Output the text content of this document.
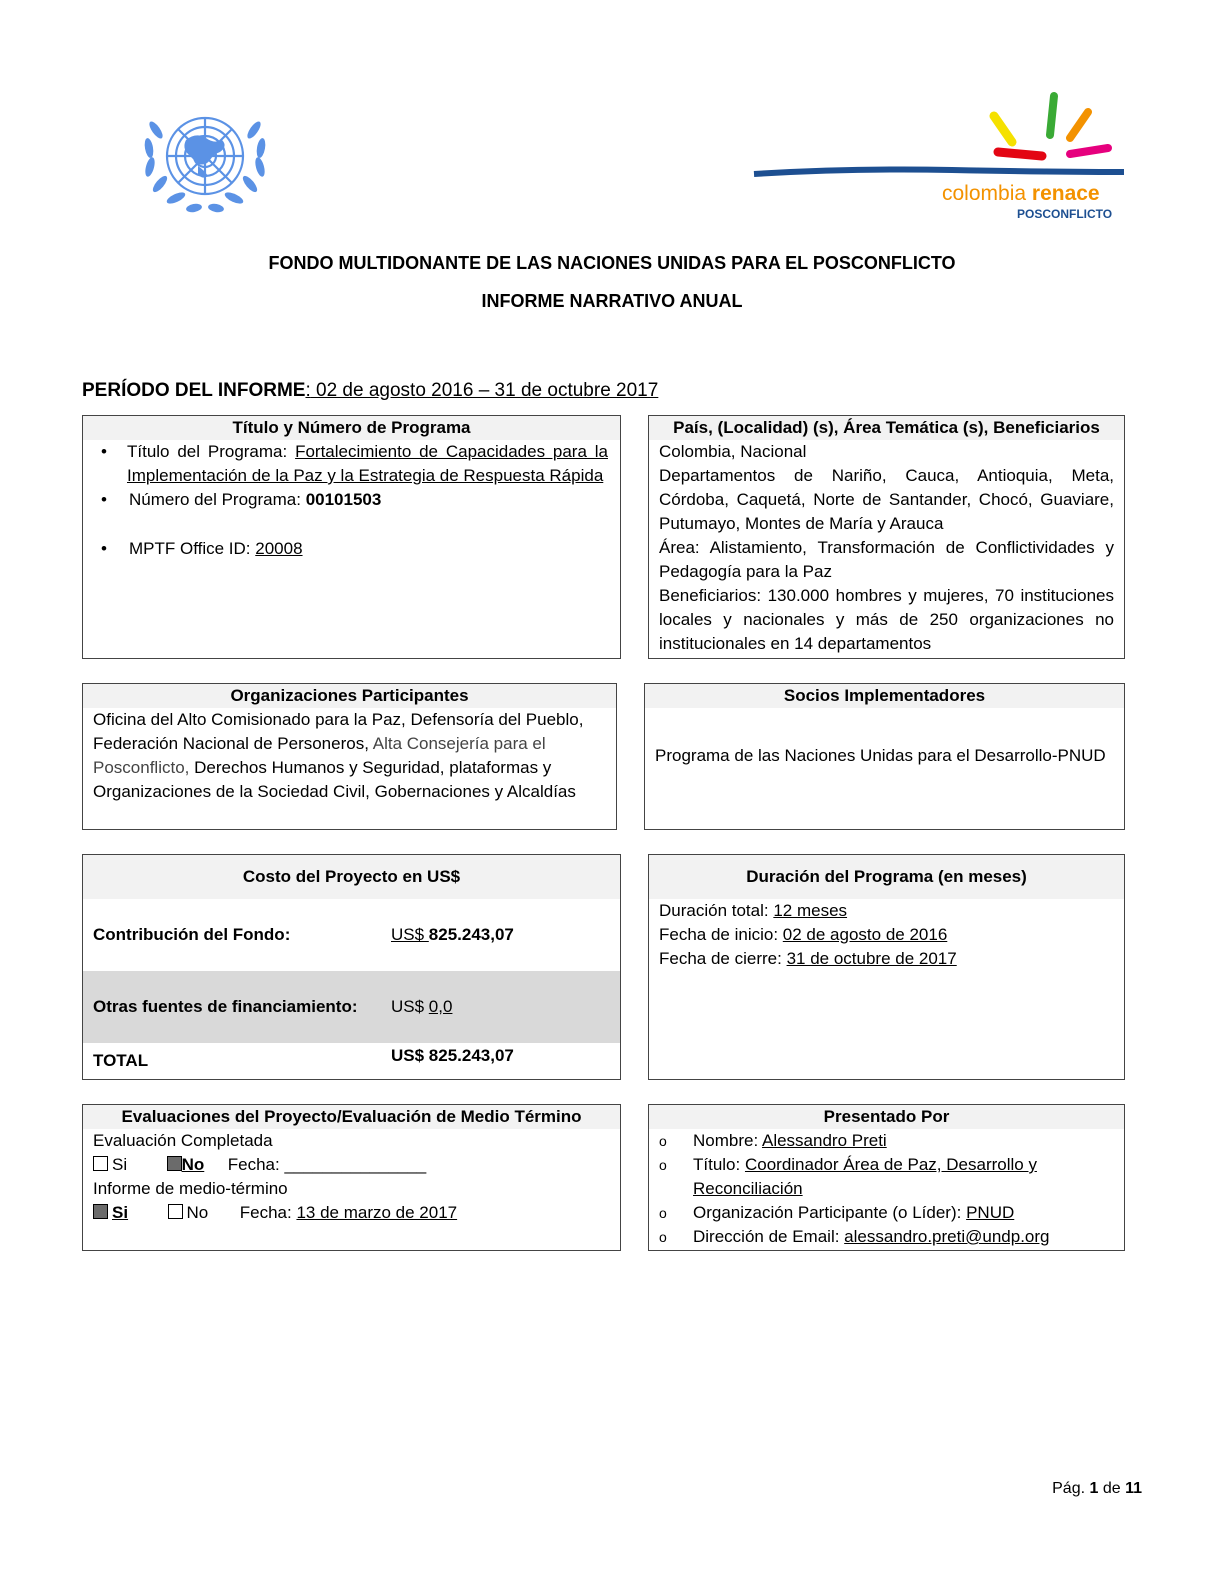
colombia renace
POSCONFLICTO
FONDO MULTIDONANTE DE LAS NACIONES UNIDAS PARA EL POSCONFLICTO
INFORME NARRATIVO ANUAL
PERÍODO DEL INFORME: 02 de agosto 2016 – 31 de octubre 2017
Título y Número de Programa
• Título del Programa: Fortalecimiento de Capacidades para la Implementación de la Paz y la Estrategia de Respuesta Rápida
• Número del Programa: 00101503
• MPTF Office ID: 20008
País, (Localidad) (s), Área Temática (s), Beneficiarios
Colombia, Nacional
Departamentos de Nariño, Cauca, Antioquia, Meta, Córdoba, Caquetá, Norte de Santander, Chocó, Guaviare, Putumayo, Montes de María y Arauca
Área: Alistamiento, Transformación de Conflictividades y Pedagogía para la Paz
Beneficiarios: 130.000 hombres y mujeres, 70 instituciones locales y nacionales y más de 250 organizaciones no institucionales en 14 departamentos
Organizaciones Participantes
Oficina del Alto Comisionado para la Paz, Defensoría del Pueblo, Federación Nacional de Personeros, Alta Consejería para el Posconflicto, Derechos Humanos y Seguridad, plataformas y Organizaciones de la Sociedad Civil, Gobernaciones y Alcaldías
Socios Implementadores
Programa de las Naciones Unidas para el Desarrollo-PNUD
Costo del Proyecto en US$
Contribución del Fondo:	US$ 825.243,07
Otras fuentes de financiamiento: US$ 0,0
TOTAL	US$ 825.243,07
Duración del Programa (en meses)
Duración total: 12 meses
Fecha de inicio: 02 de agosto de 2016
Fecha de cierre: 31 de octubre de 2017
Evaluaciones del Proyecto/Evaluación de Medio Término
Evaluación Completada
Si	No Fecha: _______________
Informe de medio-término
Si	No Fecha: 13 de marzo de 2017
Presentado Por
o Nombre: Alessandro Preti
o Título: Coordinador Área de Paz, Desarrollo y Reconciliación
o Organización Participante (o Líder): PNUD
o Dirección de Email: alessandro.preti@undp.org
Pág. 1 de 11
